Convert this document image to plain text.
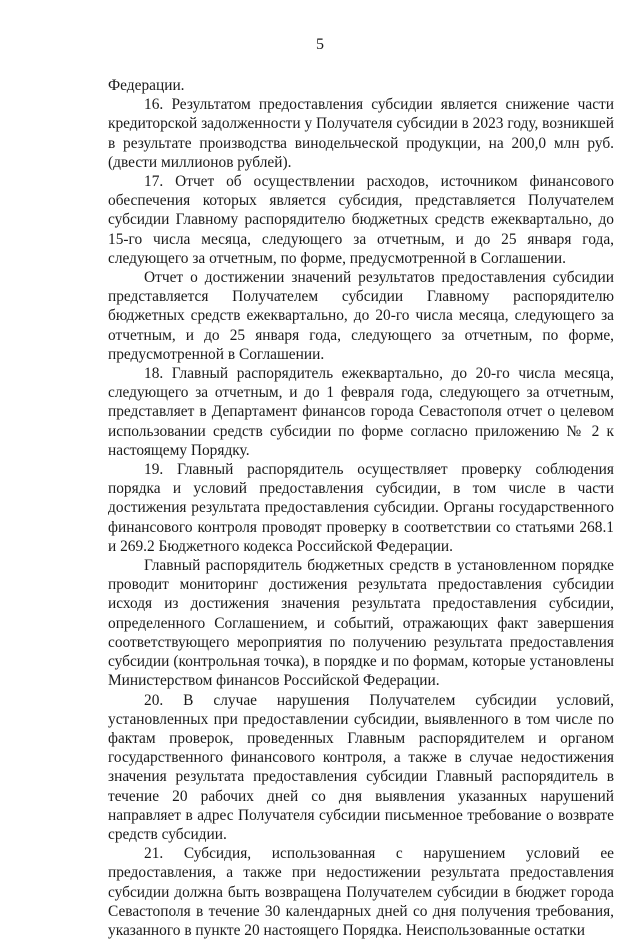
5

Федерации.

16. Результатом предоставления субсидии является снижение части кредиторской задолженности у Получателя субсидии в 2023 году, возникшей в результате производства винодельческой продукции, на 200,0 млн руб. (двести миллионов рублей).

17. Отчет об осуществлении расходов, источником финансового обеспечения которых является субсидия, представляется Получателем субсидии Главному распорядителю бюджетных средств ежеквартально, до 15-го числа месяца, следующего за отчетным, и до 25 января года, следующего за отчетным, по форме, предусмотренной в Соглашении.

Отчет о достижении значений результатов предоставления субсидии представляется Получателем субсидии Главному распорядителю бюджетных средств ежеквартально, до 20-го числа месяца, следующего за отчетным, и до 25 января года, следующего за отчетным, по форме, предусмотренной в Соглашении.

18. Главный распорядитель ежеквартально, до 20-го числа месяца, следующего за отчетным, и до 1 февраля года, следующего за отчетным, представляет в Департамент финансов города Севастополя отчет о целевом использовании средств субсидии по форме согласно приложению № 2 к настоящему Порядку.

19. Главный распорядитель осуществляет проверку соблюдения порядка и условий предоставления субсидии, в том числе в части достижения результата предоставления субсидии. Органы государственного финансового контроля проводят проверку в соответствии со статьями 268.1 и 269.2 Бюджетного кодекса Российской Федерации.

Главный распорядитель бюджетных средств в установленном порядке проводит мониторинг достижения результата предоставления субсидии исходя из достижения значения результата предоставления субсидии, определенного Соглашением, и событий, отражающих факт завершения соответствующего мероприятия по получению результата предоставления субсидии (контрольная точка), в порядке и по формам, которые установлены Министерством финансов Российской Федерации.

20. В случае нарушения Получателем субсидии условий, установленных при предоставлении субсидии, выявленного в том числе по фактам проверок, проведенных Главным распорядителем и органом государственного финансового контроля, а также в случае недостижения значения результата предоставления субсидии Главный распорядитель в течение 20 рабочих дней со дня выявления указанных нарушений направляет в адрес Получателя субсидии письменное требование о возврате средств субсидии.

21. Субсидия, использованная с нарушением условий ее предоставления, а также при недостижении результата предоставления субсидии должна быть возвращена Получателем субсидии в бюджет города Севастополя в течение 30 календарных дней со дня получения требования, указанного в пункте 20 настоящего Порядка. Неиспользованные остатки
